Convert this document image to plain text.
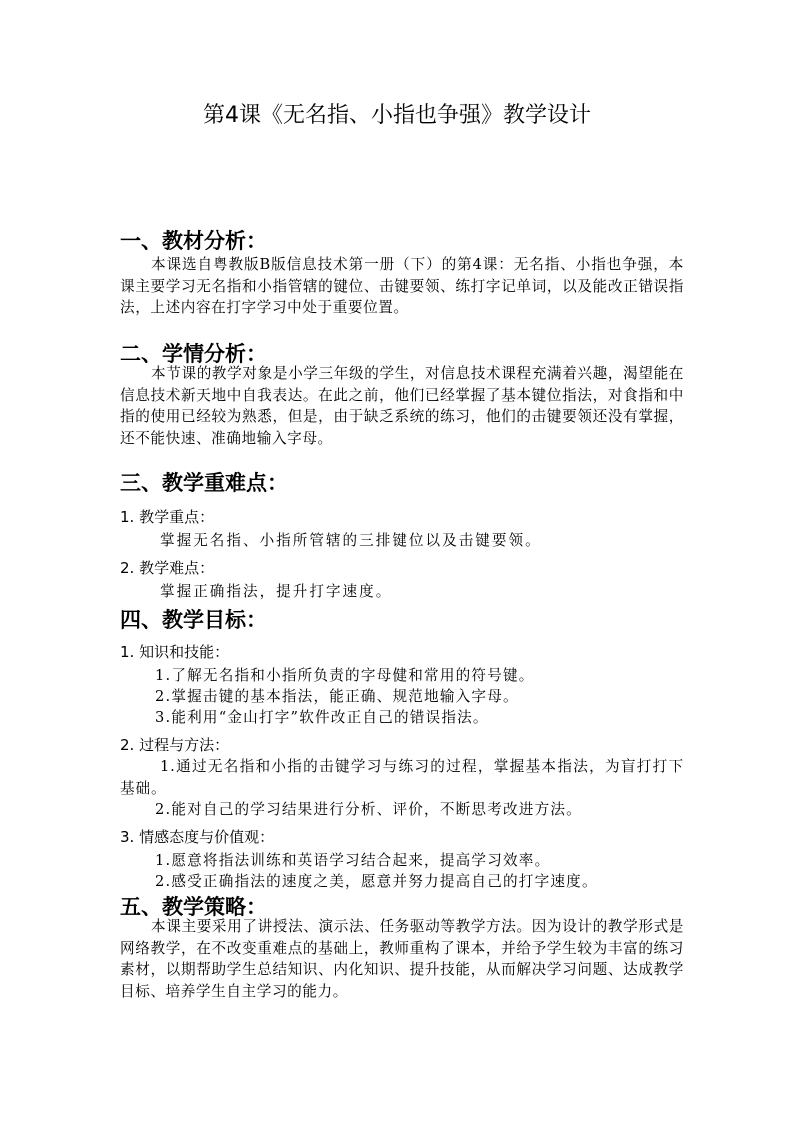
第4课《无名指、小指也争强》教学设计
一、教材分析：
本课选自粤教版B版信息技术第一册（下）的第4课：无名指、小指也争强，本课主要学习无名指和小指管辖的键位、击键要领、练打字记单词，以及能改正错误指法，上述内容在打字学习中处于重要位置。
二、学情分析：
本节课的教学对象是小学三年级的学生，对信息技术课程充满着兴趣，渴望能在信息技术新天地中自我表达。在此之前，他们已经掌握了基本键位指法，对食指和中指的使用已经较为熟悉，但是，由于缺乏系统的练习，他们的击键要领还没有掌握，还不能快速、准确地输入字母。
三、教学重难点：
1. 教学重点：
掌握无名指、小指所管辖的三排键位以及击键要领。
2. 教学难点：
掌握正确指法，提升打字速度。
四、教学目标：
1. 知识和技能：
1.了解无名指和小指所负责的字母健和常用的符号键。
2.掌握击键的基本指法，能正确、规范地输入字母。
3.能利用“金山打字”软件改正自己的错误指法。
2. 过程与方法：
1.通过无名指和小指的击键学习与练习的过程，掌握基本指法，为盲打打下基础。
2.能对自己的学习结果进行分析、评价，不断思考改进方法。
3. 情感态度与价值观：
1.愿意将指法训练和英语学习结合起来，提高学习效率。
2.感受正确指法的速度之美，愿意并努力提高自己的打字速度。
五、教学策略：
本课主要采用了讲授法、演示法、任务驱动等教学方法。因为设计的教学形式是网络教学，在不改变重难点的基础上，教师重构了课本，并给予学生较为丰富的练习素材，以期帮助学生总结知识、内化知识、提升技能，从而解决学习问题、达成教学目标、培养学生自主学习的能力。
